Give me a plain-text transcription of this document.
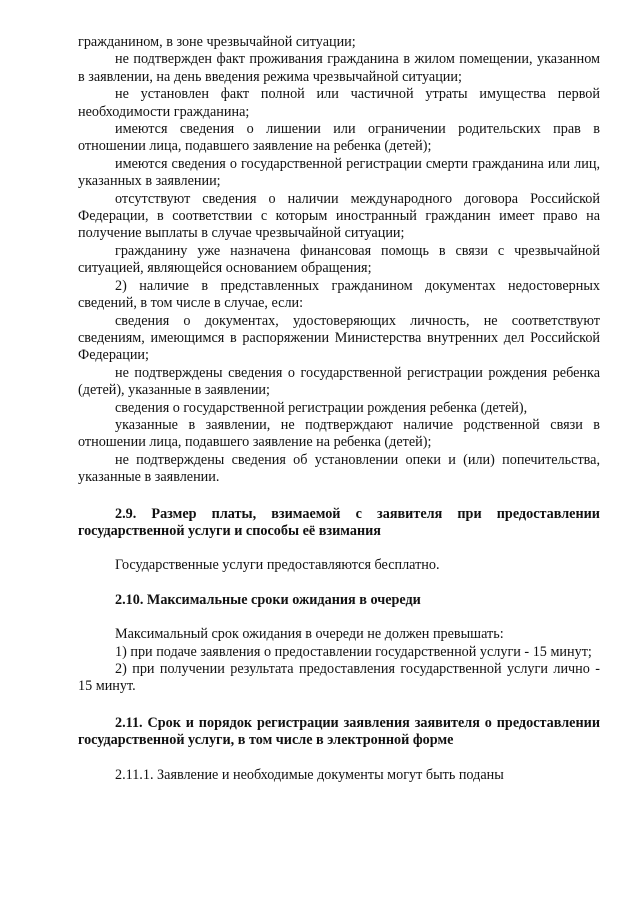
гражданином, в зоне чрезвычайной ситуации;

не подтвержден факт проживания гражданина в жилом помещении, указанном в заявлении, на день введения режима чрезвычайной ситуации;

не установлен факт полной или частичной утраты имущества первой необходимости гражданина;

имеются сведения о лишении или ограничении родительских прав в отношении лица, подавшего заявление на ребенка (детей);

имеются сведения о государственной регистрации смерти гражданина или лиц, указанных в заявлении;

отсутствуют сведения о наличии международного договора Российской Федерации, в соответствии с которым иностранный гражданин имеет право на получение выплаты в случае чрезвычайной ситуации;

гражданину уже назначена финансовая помощь в связи с чрезвычайной ситуацией, являющейся основанием обращения;

2) наличие в представленных гражданином документах недостоверных сведений, в том числе в случае, если:

сведения о документах, удостоверяющих личность, не соответствуют сведениям, имеющимся в распоряжении Министерства внутренних дел Российской Федерации;

не подтверждены сведения о государственной регистрации рождения ребенка (детей), указанные в заявлении;

сведения о государственной регистрации рождения ребенка (детей),

указанные в заявлении, не подтверждают наличие родственной связи в отношении лица, подавшего заявление на ребенка (детей);

не подтверждены сведения об установлении опеки и (или) попечительства, указанные в заявлении.

2.9. Размер платы, взимаемой с заявителя при предоставлении государственной услуги и способы её взимания

Государственные услуги предоставляются бесплатно.

2.10. Максимальные сроки ожидания в очереди

Максимальный срок ожидания в очереди не должен превышать:

1) при подаче заявления о предоставлении государственной услуги - 15 минут;

2) при получении результата предоставления государственной услуги лично - 15 минут.

2.11. Срок и порядок регистрации заявления заявителя о предоставлении государственной услуги, в том числе в электронной форме

2.11.1. Заявление и необходимые документы могут быть поданы
